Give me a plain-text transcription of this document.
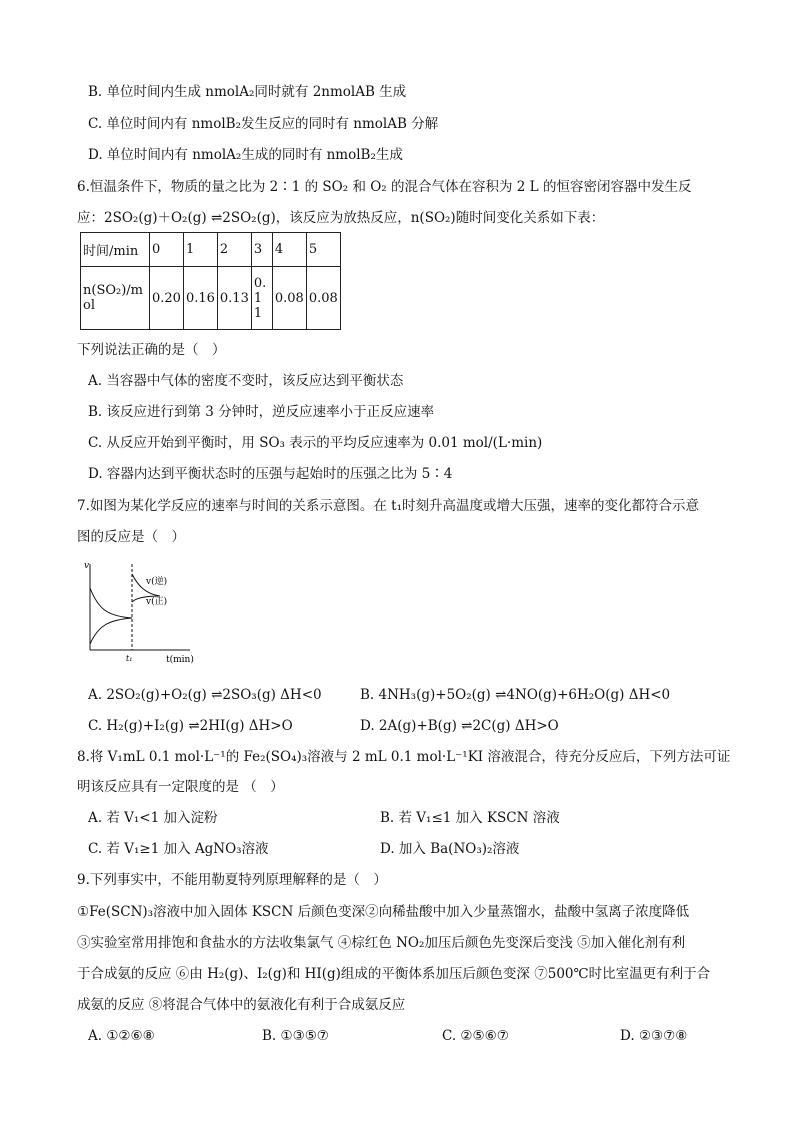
B. 单位时间内生成 nmolA₂同时就有 2nmolAB 生成
C. 单位时间内有 nmolB₂发生反应的同时有 nmolAB 分解
D. 单位时间内有 nmolA₂生成的同时有 nmolB₂生成
6.恒温条件下，物质的量之比为 2∶1 的 SO₂ 和 O₂ 的混合气体在容积为 2 L 的恒容密闭容器中发生反
应：2SO₂(g)＋O₂(g) ⇌2SO₂(g)，该反应为放热反应，n(SO₂)随时间变化关系如下表：
时间/min	0	1	2	3	4	5
n(SO₂)/mol	0.20	0.16	0.13	0.11	0.08	0.08
下列说法正确的是（　）
A. 当容器中气体的密度不变时，该反应达到平衡状态
B. 该反应进行到第 3 分钟时，逆反应速率小于正反应速率
C. 从反应开始到平衡时，用 SO₃ 表示的平均反应速率为 0.01 mol/(L·min)
D. 容器内达到平衡状态时的压强与起始时的压强之比为 5∶4
7.如图为某化学反应的速率与时间的关系示意图。在 t₁时刻升高温度或增大压强，速率的变化都符合示意
图的反应是（　）
v
t(min)
t₁
v(逆)
v(正)
A. 2SO₂(g)+O₂(g) ⇌2SO₃(g) ΔH<0	B. 4NH₃(g)+5O₂(g) ⇌4NO(g)+6H₂O(g) ΔH<0
C. H₂(g)+I₂(g) ⇌2HI(g) ΔH>O	D. 2A(g)+B(g) ⇌2C(g) ΔH>O
8.将 V₁mL 0.1 mol·L⁻¹的 Fe₂(SO₄)₃溶液与 2 mL 0.1 mol·L⁻¹KI 溶液混合，待充分反应后，下列方法可证
明该反应具有一定限度的是 （　）
A. 若 V₁<1 加入淀粉	B. 若 V₁≤1 加入 KSCN 溶液
C. 若 V₁≥1 加入 AgNO₃溶液	D. 加入 Ba(NO₃)₂溶液
9.下列事实中，不能用勒夏特列原理解释的是（　）
①Fe(SCN)₃溶液中加入固体 KSCN 后颜色变深②向稀盐酸中加入少量蒸馏水，盐酸中氢离子浓度降低
③实验室常用排饱和食盐水的方法收集氯气 ④棕红色 NO₂加压后颜色先变深后变浅 ⑤加入催化剂有利
于合成氨的反应 ⑥由 H₂(g)、I₂(g)和 HI(g)组成的平衡体系加压后颜色变深 ⑦500℃时比室温更有利于合
成氨的反应 ⑧将混合气体中的氨液化有利于合成氨反应
A. ①②⑥⑧	B. ①③⑤⑦	C. ②⑤⑥⑦	D. ②③⑦⑧
